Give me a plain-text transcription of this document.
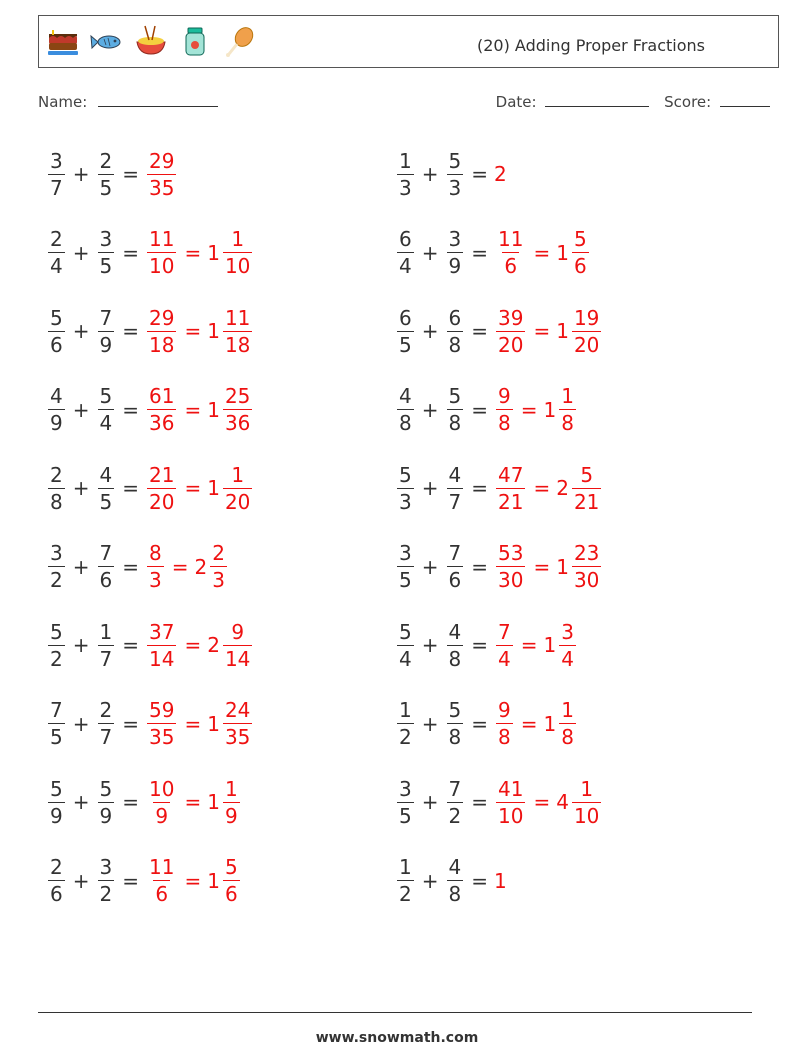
(20) Adding Proper Fractions
Name:	Date:	Score:
$\frac{3}{7} + \frac{2}{5} = \frac{29}{35}$	$\frac{1}{3} + \frac{5}{3} = 2$
$\frac{2}{4} + \frac{3}{5} = \frac{11}{10} = 1 \frac{1}{10}$	$\frac{6}{4} + \frac{3}{9} = \frac{11}{6} = 1 \frac{5}{6}$
$\frac{5}{6} + \frac{7}{9} = \frac{29}{18} = 1 \frac{11}{18}$	$\frac{6}{5} + \frac{6}{8} = \frac{39}{20} = 1 \frac{19}{20}$
$\frac{4}{9} + \frac{5}{4} = \frac{61}{36} = 1 \frac{25}{36}$	$\frac{4}{8} + \frac{5}{8} = \frac{9}{8} = 1 \frac{1}{8}$
$\frac{2}{8} + \frac{4}{5} = \frac{21}{20} = 1 \frac{1}{20}$	$\frac{5}{3} + \frac{4}{7} = \frac{47}{21} = 2 \frac{5}{21}$
$\frac{3}{2} + \frac{7}{6} = \frac{8}{3} = 2 \frac{2}{3}$	$\frac{3}{5} + \frac{7}{6} = \frac{53}{30} = 1 \frac{23}{30}$
$\frac{5}{2} + \frac{1}{7} = \frac{37}{14} = 2 \frac{9}{14}$	$\frac{5}{4} + \frac{4}{8} = \frac{7}{4} = 1 \frac{3}{4}$
$\frac{7}{5} + \frac{2}{7} = \frac{59}{35} = 1 \frac{24}{35}$	$\frac{1}{2} + \frac{5}{8} = \frac{9}{8} = 1 \frac{1}{8}$
$\frac{5}{9} + \frac{5}{9} = \frac{10}{9} = 1 \frac{1}{9}$	$\frac{3}{5} + \frac{7}{2} = \frac{41}{10} = 4 \frac{1}{10}$
$\frac{2}{6} + \frac{3}{2} = \frac{11}{6} = 1 \frac{5}{6}$	$\frac{1}{2} + \frac{4}{8} = 1$
www.snowmath.com
